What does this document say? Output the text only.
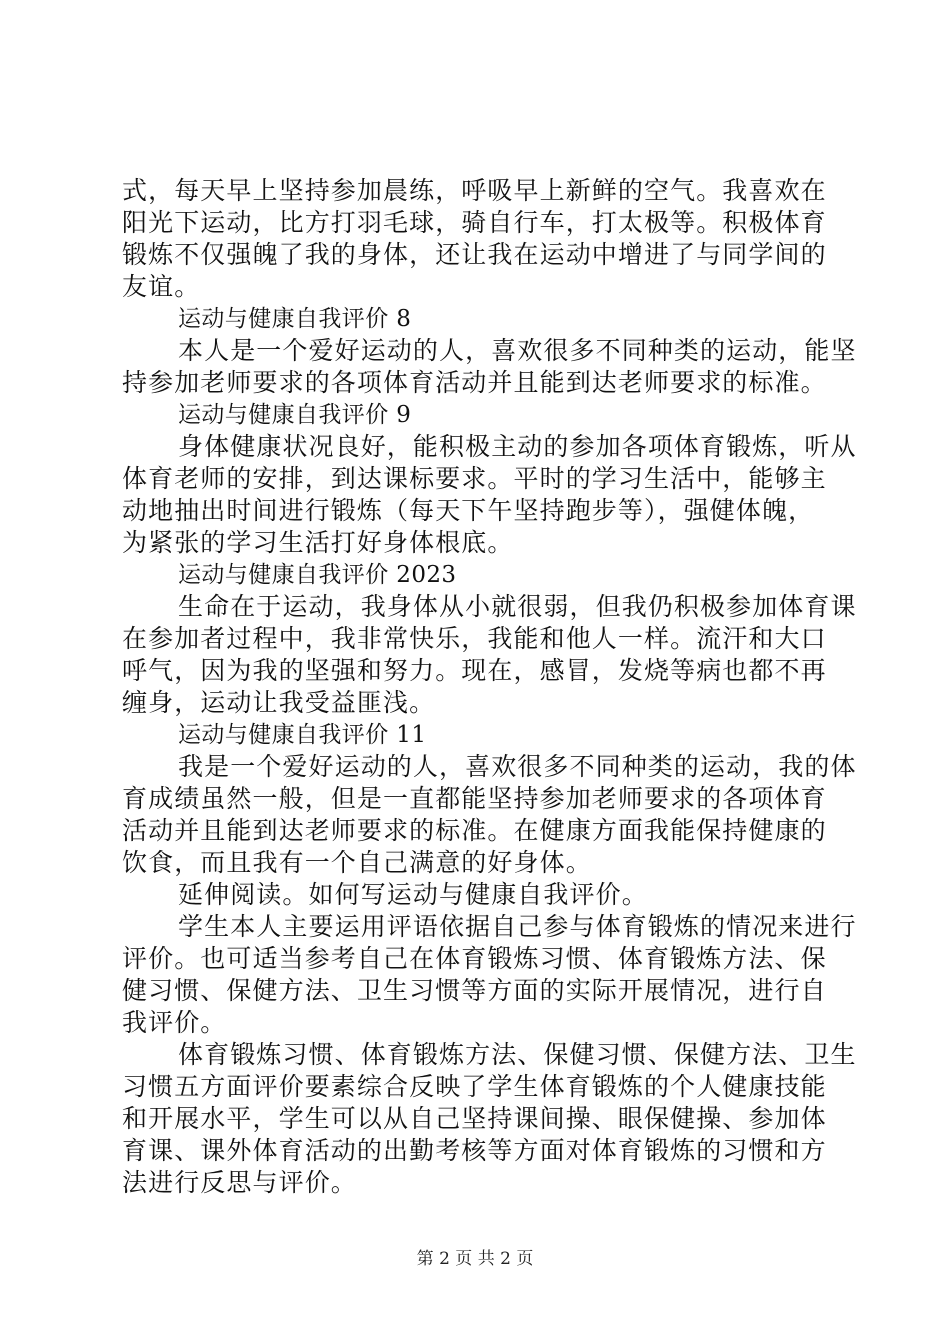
式，每天早上坚持参加晨练，呼吸早上新鲜的空气。我喜欢在
阳光下运动，比方打羽毛球，骑自行车，打太极等。积极体育
锻炼不仅强魄了我的身体，还让我在运动中增进了与同学间的
友谊。
运动与健康自我评价 8
本人是一个爱好运动的人，喜欢很多不同种类的运动，能坚
持参加老师要求的各项体育活动并且能到达老师要求的标准。
运动与健康自我评价 9
身体健康状况良好，能积极主动的参加各项体育锻炼，听从
体育老师的安排，到达课标要求。平时的学习生活中，能够主
动地抽出时间进行锻炼（每天下午坚持跑步等），强健体魄，
为紧张的学习生活打好身体根底。
运动与健康自我评价 2023
生命在于运动，我身体从小就很弱，但我仍积极参加体育课
在参加者过程中，我非常快乐，我能和他人一样。流汗和大口
呼气，因为我的坚强和努力。现在，感冒，发烧等病也都不再
缠身，运动让我受益匪浅。
运动与健康自我评价 11
我是一个爱好运动的人，喜欢很多不同种类的运动，我的体
育成绩虽然一般，但是一直都能坚持参加老师要求的各项体育
活动并且能到达老师要求的标准。在健康方面我能保持健康的
饮食，而且我有一个自己满意的好身体。
延伸阅读。如何写运动与健康自我评价。
学生本人主要运用评语依据自己参与体育锻炼的情况来进行
评价。也可适当参考自己在体育锻炼习惯、体育锻炼方法、保
健习惯、保健方法、卫生习惯等方面的实际开展情况，进行自
我评价。
体育锻炼习惯、体育锻炼方法、保健习惯、保健方法、卫生
习惯五方面评价要素综合反映了学生体育锻炼的个人健康技能
和开展水平，学生可以从自己坚持课间操、眼保健操、参加体
育课、课外体育活动的出勤考核等方面对体育锻炼的习惯和方
法进行反思与评价。
第 2 页 共 2 页
